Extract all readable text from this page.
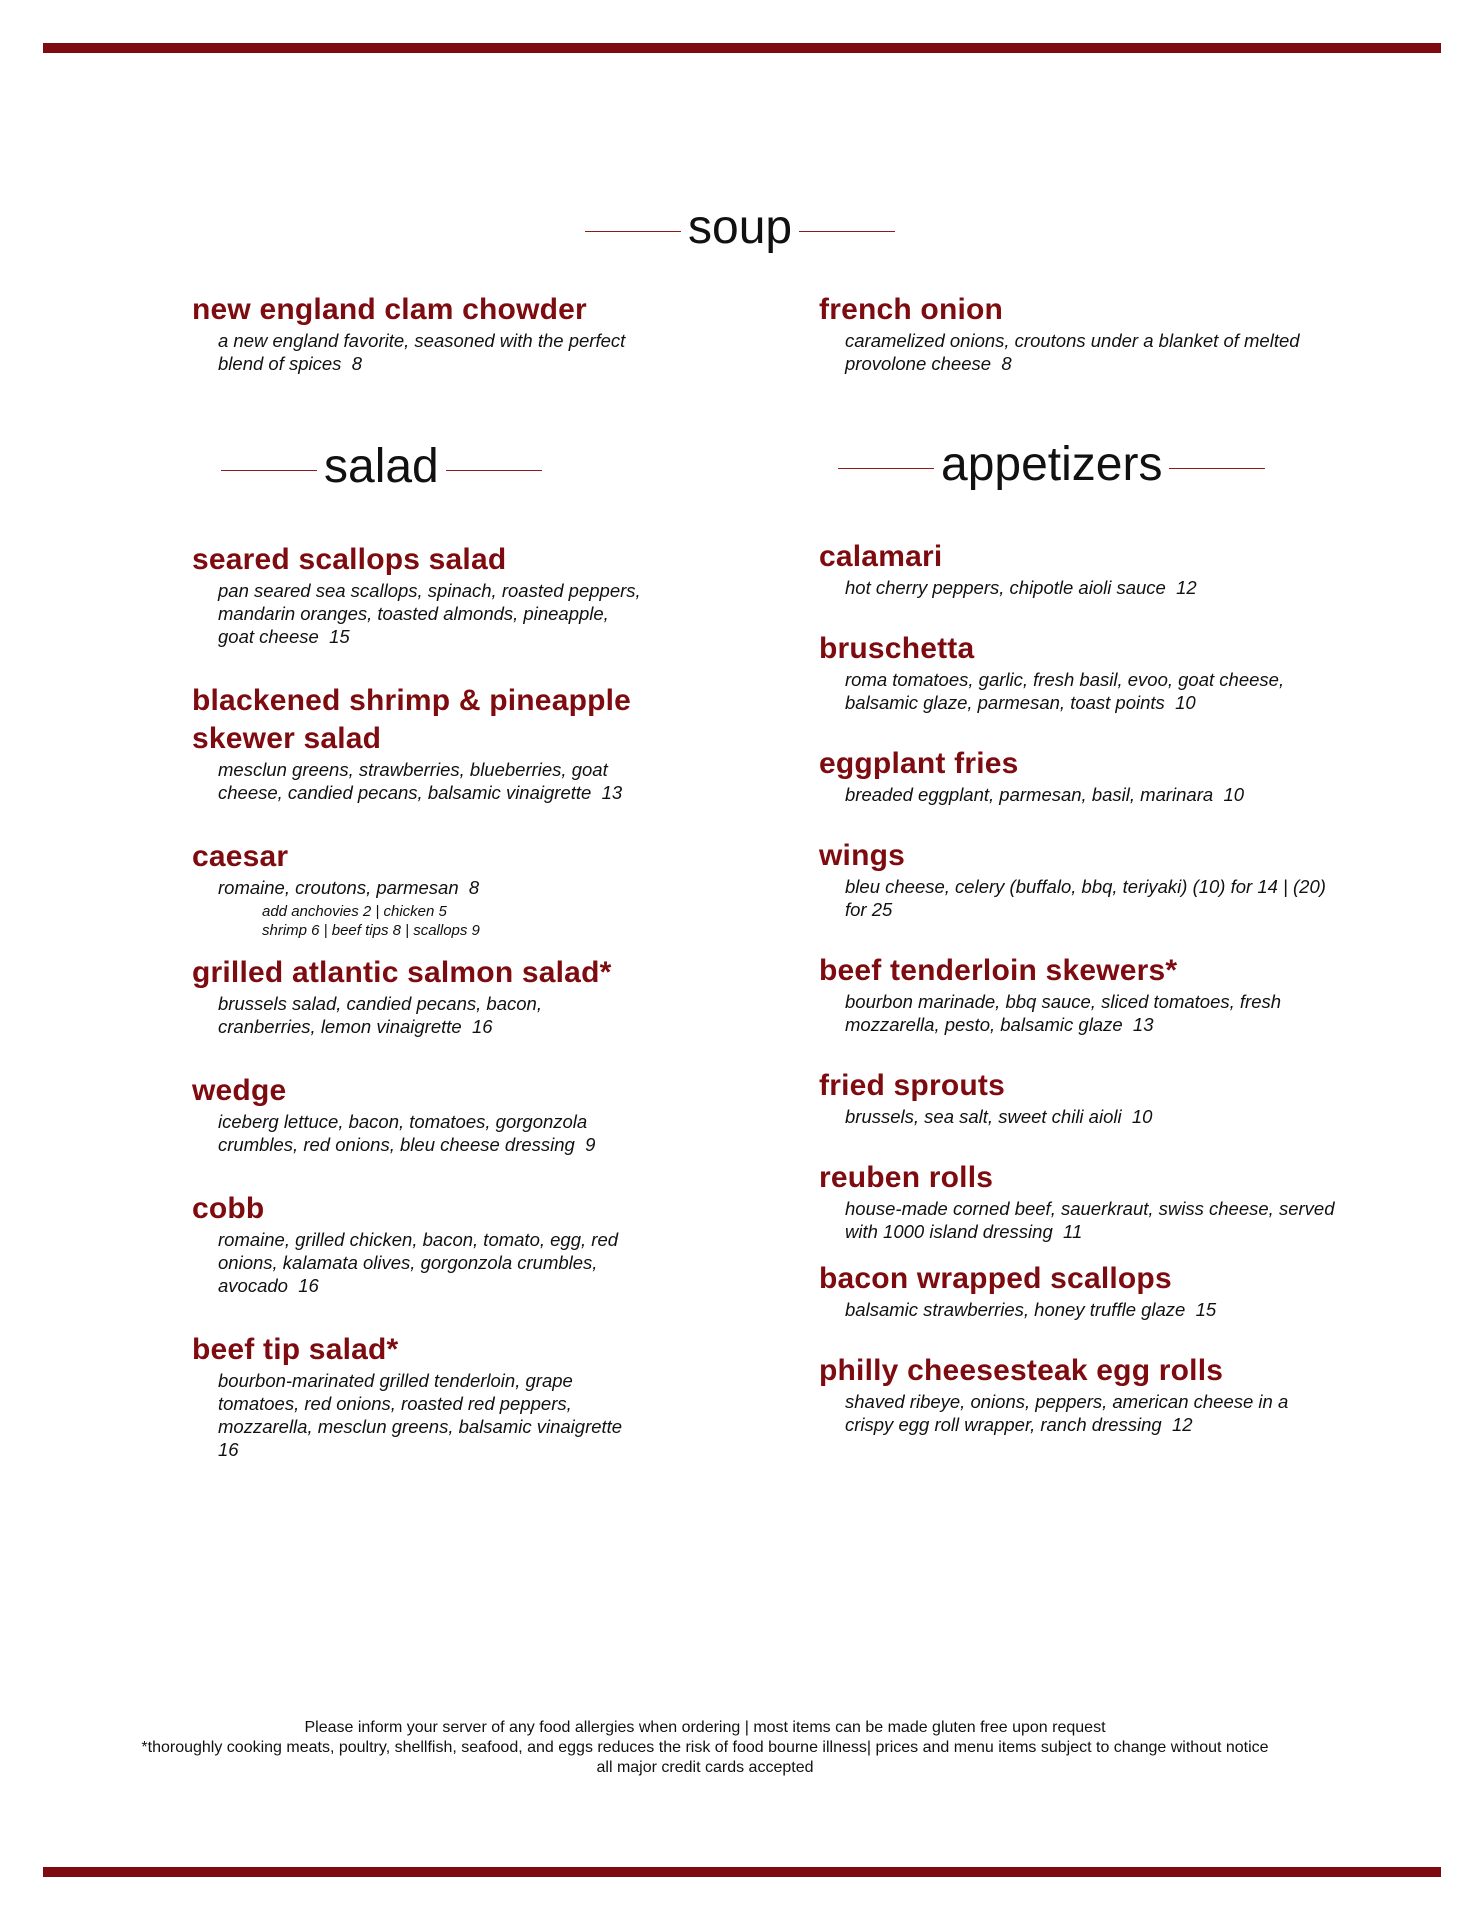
soup
new england clam chowder
a new england favorite, seasoned with the perfect blend of spices 8
french onion
caramelized onions, croutons under a blanket of melted provolone cheese 8
salad	appetizers
seared scallops salad
pan seared sea scallops, spinach, roasted peppers, mandarin oranges, toasted almonds, pineapple, goat cheese 15
blackened shrimp & pineapple skewer salad
mesclun greens, strawberries, blueberries, goat cheese, candied pecans, balsamic vinaigrette 13
caesar
romaine, croutons, parmesan 8
add anchovies 2 | chicken 5
shrimp 6 | beef tips 8 | scallops 9
grilled atlantic salmon salad*
brussels salad, candied pecans, bacon, cranberries, lemon vinaigrette 16
wedge
iceberg lettuce, bacon, tomatoes, gorgonzola crumbles, red onions, bleu cheese dressing 9
cobb
romaine, grilled chicken, bacon, tomato, egg, red onions, kalamata olives, gorgonzola crumbles, avocado 16
beef tip salad*
bourbon-marinated grilled tenderloin, grape tomatoes, red onions, roasted red peppers, mozzarella, mesclun greens, balsamic vinaigrette  16
calamari
hot cherry peppers, chipotle aioli sauce 12
bruschetta
roma tomatoes, garlic, fresh basil, evoo, goat cheese, balsamic glaze, parmesan, toast points 10
eggplant fries
breaded eggplant, parmesan, basil, marinara 10
wings
bleu cheese, celery (buffalo, bbq, teriyaki) (10) for 14 | (20) for 25
beef tenderloin skewers*
bourbon marinade, bbq sauce, sliced tomatoes, fresh mozzarella, pesto, balsamic glaze 13
fried sprouts
brussels, sea salt, sweet chili aioli 10
reuben rolls
house-made corned beef, sauerkraut, swiss cheese, served with 1000 island dressing 11
bacon wrapped scallops
balsamic strawberries, honey truffle glaze 15
philly cheesesteak egg rolls
shaved ribeye, onions, peppers, american cheese in a crispy egg roll wrapper, ranch dressing 12
Please inform your server of any food allergies when ordering | most items can be made gluten free upon request
*thoroughly cooking meats, poultry, shellfish, seafood, and eggs reduces the risk of food bourne illness| prices and menu items subject to change without notice
all major credit cards accepted
